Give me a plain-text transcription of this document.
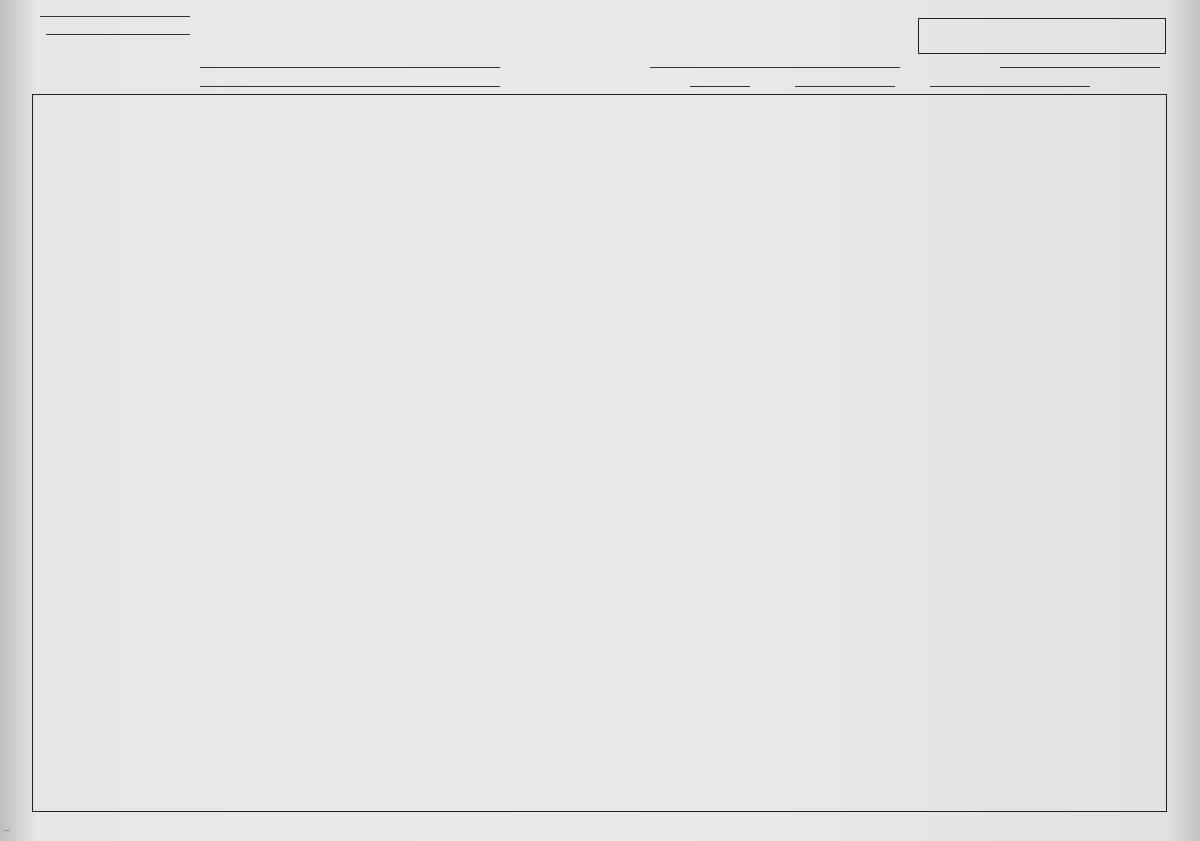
—
